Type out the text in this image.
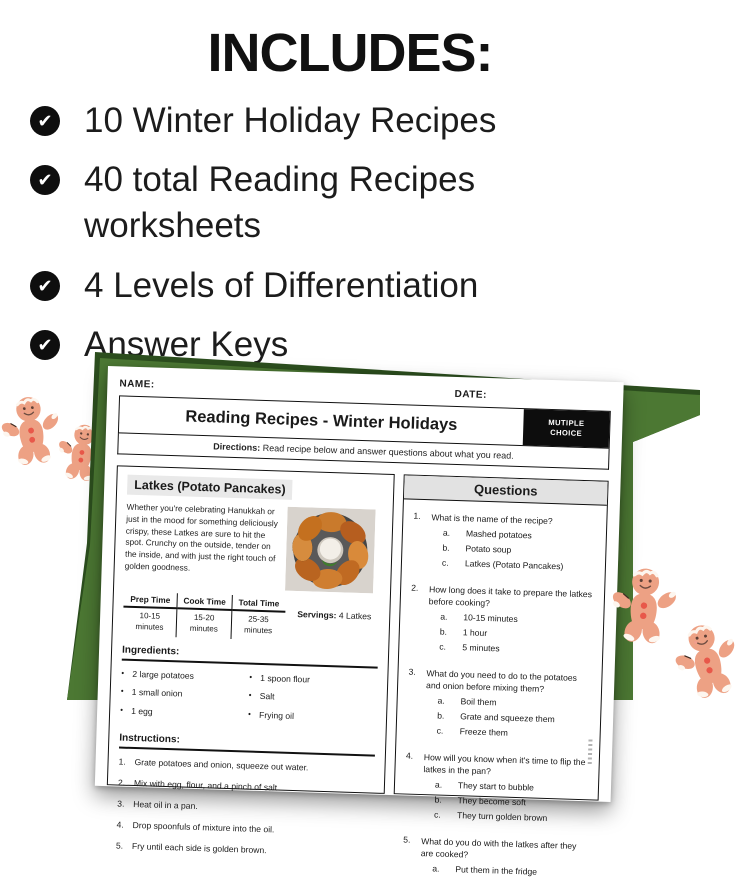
INCLUDES:
✔ 10 Winter Holiday Recipes
✔ 40 total Reading Recipes worksheets
✔ 4 Levels of Differentiation
✔ Answer Keys
NAME:
DATE:
Reading Recipes - Winter Holidays	MUTIPLE
CHOICE
Directions: Read recipe below and answer questions about what you read.
Latkes (Potato Pancakes)
Whether you're celebrating Hanukkah or just in the mood for something deliciously crispy, these Latkes are sure to hit the spot. Crunchy on the outside, tender on the inside, and with just the right touch of golden goodness.
Prep Time	Cook Time	Total Time
10-15 minutes	15-20 minutes	25-35 minutes
Servings: 4 Latkes
Ingredients:
• 2 large potatoes
• 1 small onion
• 1 egg
• 1 spoon flour
• Salt
• Frying oil
Instructions:
1. Grate potatoes and onion, squeeze out water.
2. Mix with egg, flour, and a pinch of salt.
3. Heat oil in a pan.
4. Drop spoonfuls of mixture into the oil.
5. Fry until each side is golden brown.
Questions
1.	What is the name of the recipe?
a.	Mashed potatoes
b.	Potato soup
c.	Latkes (Potato Pancakes)
2.	How long does it take to prepare the latkes before cooking?
a.	10-15 minutes
b.	1 hour
c.	5 minutes
3.	What do you need to do to the potatoes and onion before mixing them?
a.	Boil them
b.	Grate and squeeze them
c.	Freeze them
4.	How will you know when it's time to flip the latkes in the pan?
a.	They start to bubble
b.	They become soft
c.	They turn golden brown
5.	What do you do with the latkes after they are cooked?
a.	Put them in the fridge
